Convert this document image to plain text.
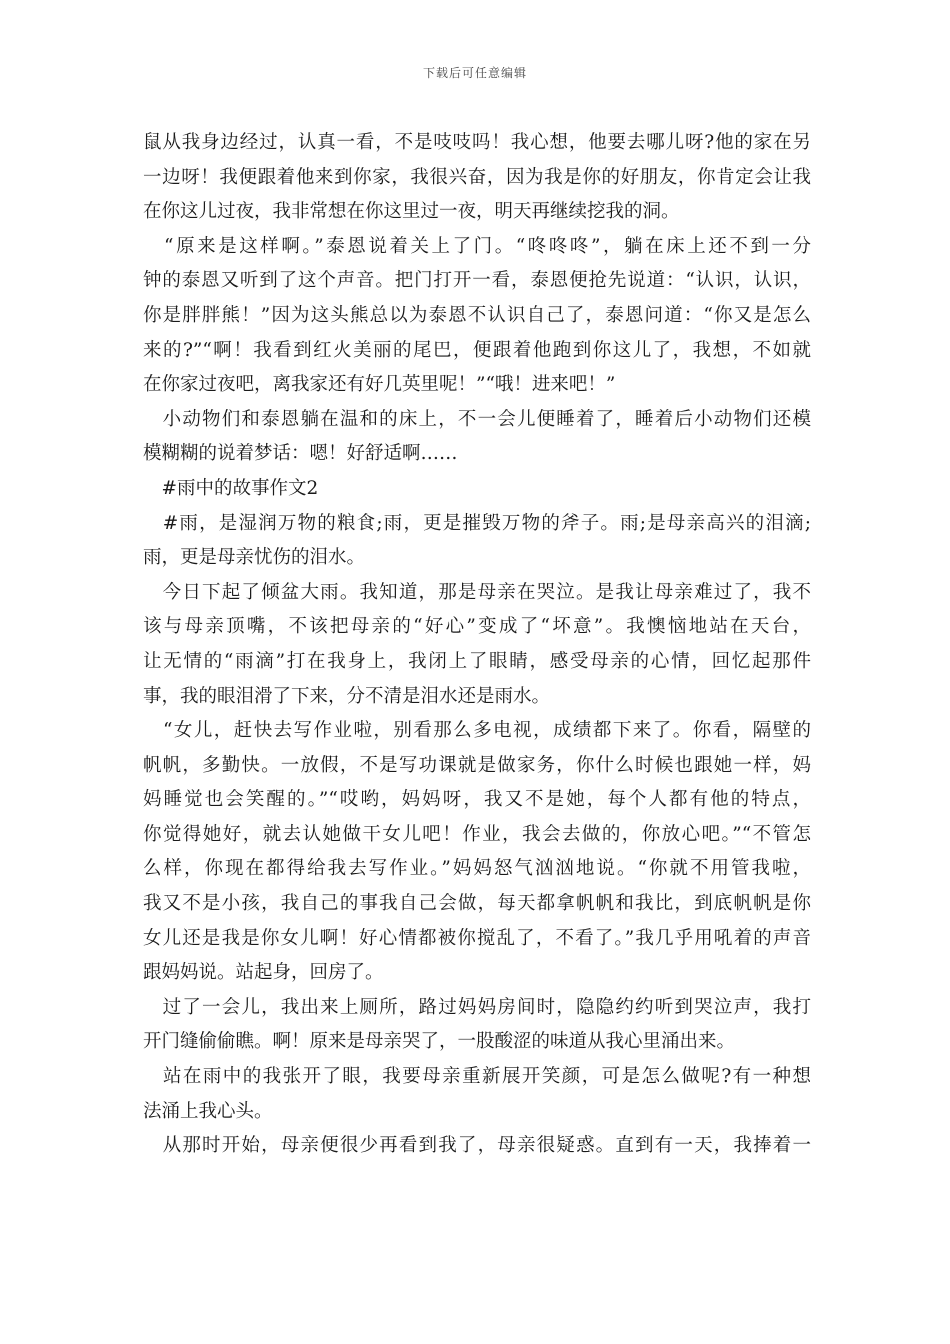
下载后可任意编辑
鼠从我身边经过，认真一看，不是吱吱吗！我心想，他要去哪儿呀?他的家在另
一边呀！我便跟着他来到你家，我很兴奋，因为我是你的好朋友，你肯定会让我
在你这儿过夜，我非常想在你这里过一夜，明天再继续挖我的洞。
　“原来是这样啊。”泰恩说着关上了门。“咚咚咚”，躺在床上还不到一分
钟的泰恩又听到了这个声音。把门打开一看，泰恩便抢先说道：“认识，认识，
你是胖胖熊！”因为这头熊总以为泰恩不认识自己了，泰恩问道：“你又是怎么
来的?”“啊！我看到红火美丽的尾巴，便跟着他跑到你这儿了，我想，不如就
在你家过夜吧，离我家还有好几英里呢！”“哦！进来吧！”
　小动物们和泰恩躺在温和的床上，不一会儿便睡着了，睡着后小动物们还模
模糊糊的说着梦话：嗯！好舒适啊……
　#雨中的故事作文2
　#雨，是湿润万物的粮食;雨，更是摧毁万物的斧子。雨;是母亲高兴的泪滴;
雨，更是母亲忧伤的泪水。
　今日下起了倾盆大雨。我知道，那是母亲在哭泣。是我让母亲难过了，我不
该与母亲顶嘴，不该把母亲的“好心”变成了“坏意”。我懊恼地站在天台，
让无情的“雨滴”打在我身上，我闭上了眼睛，感受母亲的心情，回忆起那件
事，我的眼泪滑了下来，分不清是泪水还是雨水。
　“女儿，赶快去写作业啦，别看那么多电视，成绩都下来了。你看，隔壁的
帆帆，多勤快。一放假，不是写功课就是做家务，你什么时候也跟她一样，妈
妈睡觉也会笑醒的。”“哎哟，妈妈呀，我又不是她，每个人都有他的特点，
你觉得她好，就去认她做干女儿吧！作业，我会去做的，你放心吧。”“不管怎
么样，你现在都得给我去写作业。”妈妈怒气汹汹地说。“你就不用管我啦，
我又不是小孩，我自己的事我自己会做，每天都拿帆帆和我比，到底帆帆是你
女儿还是我是你女儿啊！好心情都被你搅乱了，不看了。”我几乎用吼着的声音
跟妈妈说。站起身，回房了。
　过了一会儿，我出来上厕所，路过妈妈房间时，隐隐约约听到哭泣声，我打
开门缝偷偷瞧。啊！原来是母亲哭了，一股酸涩的味道从我心里涌出来。
　站在雨中的我张开了眼，我要母亲重新展开笑颜，可是怎么做呢?有一种想
法涌上我心头。
　从那时开始，母亲便很少再看到我了，母亲很疑惑。直到有一天，我捧着一
